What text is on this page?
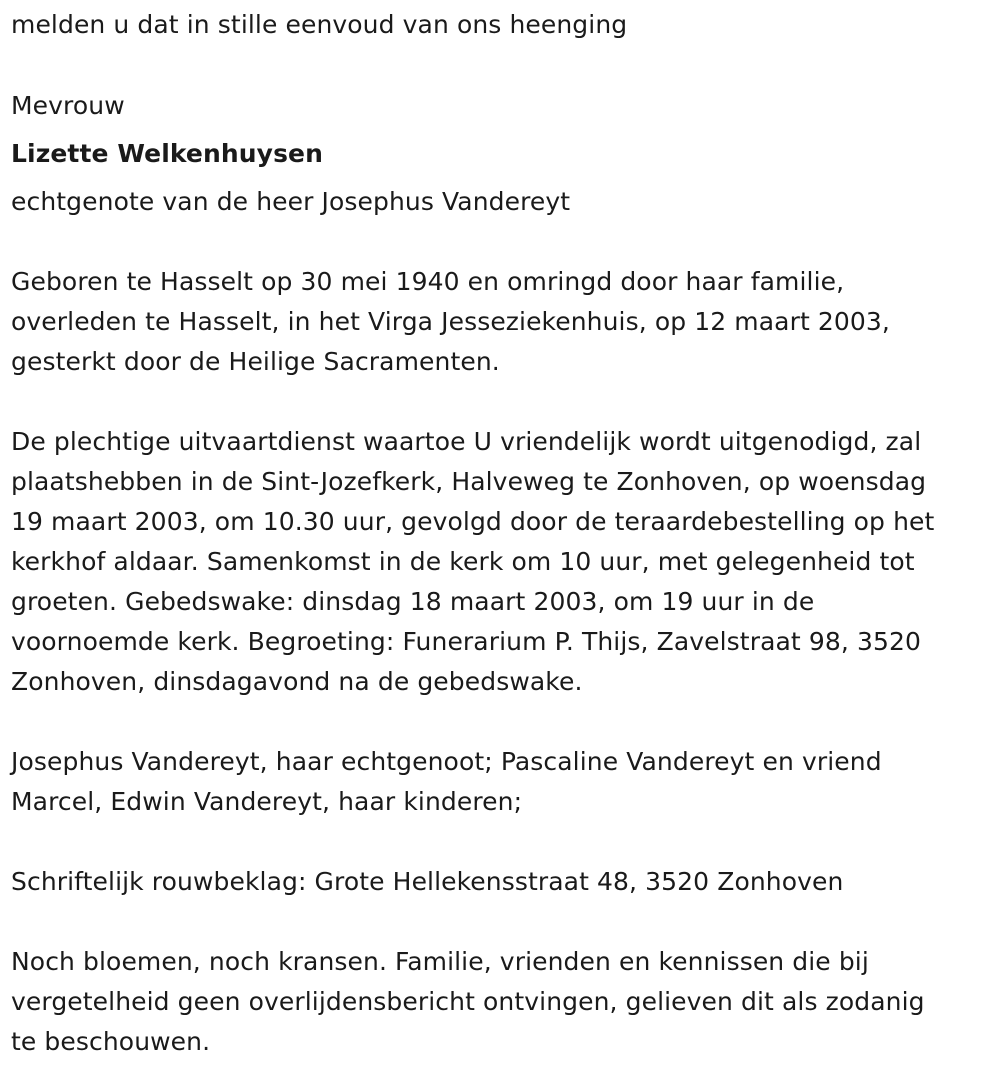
melden u dat in stille eenvoud van ons heenging
Mevrouw
Lizette Welkenhuysen
echtgenote van de heer Josephus Vandereyt
Geboren te Hasselt op 30 mei 1940 en omringd door haar familie,
overleden te Hasselt, in het Virga Jesseziekenhuis, op 12 maart 2003,
gesterkt door de Heilige Sacramenten.
De plechtige uitvaartdienst waartoe U vriendelijk wordt uitgenodigd, zal
plaatshebben in de Sint-Jozefkerk, Halveweg te Zonhoven, op woensdag
19 maart 2003, om 10.30 uur, gevolgd door de teraardebestelling op het
kerkhof aldaar. Samenkomst in de kerk om 10 uur, met gelegenheid tot
groeten. Gebedswake: dinsdag 18 maart 2003, om 19 uur in de
voornoemde kerk. Begroeting: Funerarium P. Thijs, Zavelstraat 98, 3520
Zonhoven, dinsdagavond na de gebedswake.
Josephus Vandereyt, haar echtgenoot; Pascaline Vandereyt en vriend
Marcel, Edwin Vandereyt, haar kinderen;
Schriftelijk rouwbeklag: Grote Hellekensstraat 48, 3520 Zonhoven
Noch bloemen, noch kransen. Familie, vrienden en kennissen die bij
vergetelheid geen overlijdensbericht ontvingen, gelieven dit als zodanig
te beschouwen.
